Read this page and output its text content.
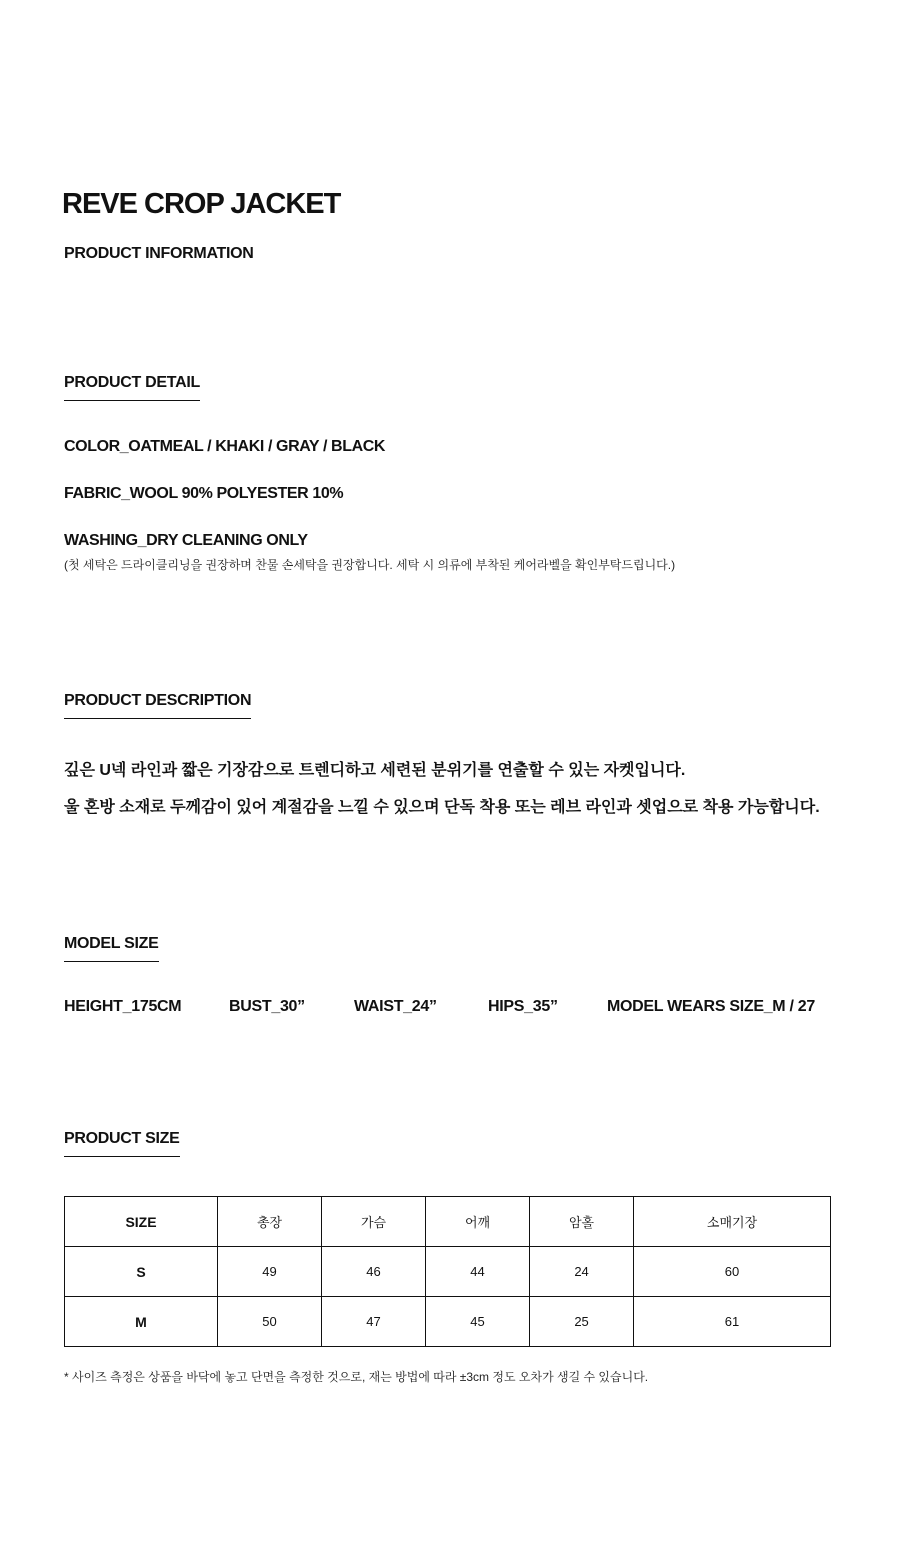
REVE CROP JACKET
PRODUCT INFORMATION
PRODUCT DETAIL
COLOR_OATMEAL / KHAKI / GRAY / BLACK
FABRIC_WOOL 90% POLYESTER 10%
WASHING_DRY CLEANING ONLY
(첫 세탁은 드라이클리닝을 권장하며 찬물 손세탁을 권장합니다. 세탁 시 의류에 부착된 케어라벨을 확인부탁드립니다.)
PRODUCT DESCRIPTION
깊은 U넥 라인과 짧은 기장감으로 트렌디하고 세련된 분위기를 연출할 수 있는 자켓입니다.
울 혼방 소재로 두께감이 있어 계절감을 느낄 수 있으며 단독 착용 또는 레브 라인과 셋업으로 착용 가능합니다.
MODEL SIZE
HEIGHT_175CM	BUST_30”	WAIST_24”	HIPS_35”	MODEL WEARS SIZE_M / 27
PRODUCT SIZE
SIZE	총장	가슴	어깨	암홀	소매기장
S	49	46	44	24	60
M	50	47	45	25	61
* 사이즈 측정은 상품을 바닥에 놓고 단면을 측정한 것으로, 재는 방법에 따라 ±3cm 정도 오차가 생길 수 있습니다.
